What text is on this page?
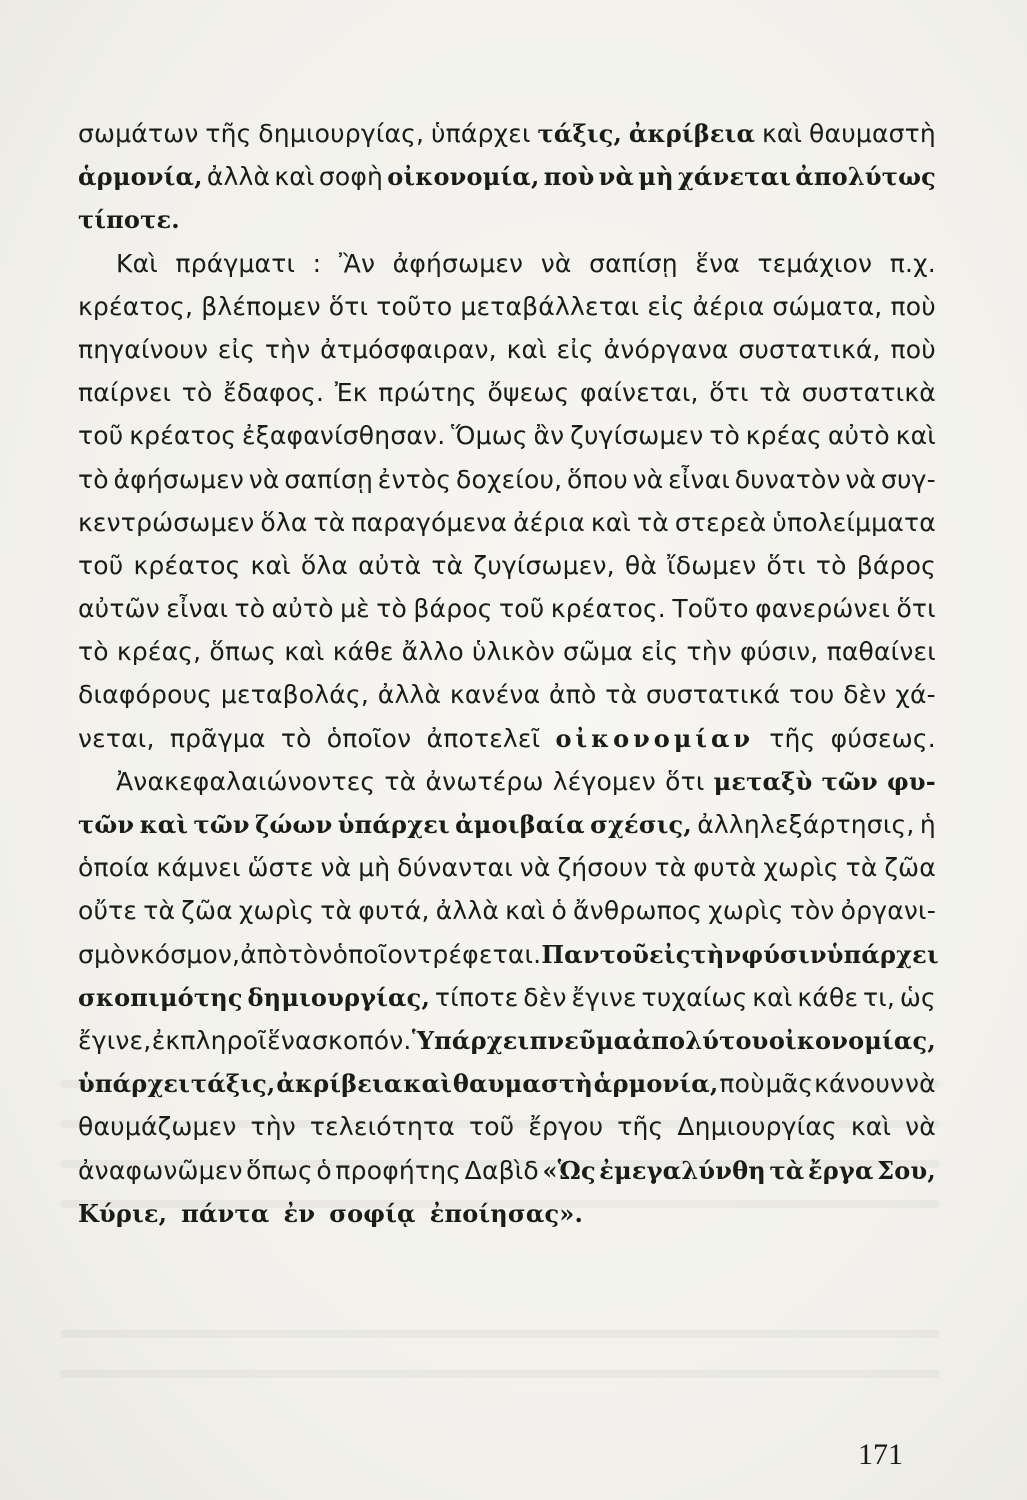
σωμάτων τῆς δημιουργίας, ὑπάρχει τάξις, ἀκρίβεια καὶ θαυμαστὴ
ἁρμονία, ἀλλὰ καὶ σοφὴ οἰκονομία, ποὺ νὰ μὴ χάνεται ἀπολύτως
τίποτε.
Καὶ πράγματι : Ἂν ἀφήσωμεν νὰ σαπίσῃ ἕνα τεμάχιον π.χ.
κρέατος, βλέπομεν ὅτι τοῦτο μεταβάλλεται εἰς ἀέρια σώματα, ποὺ
πηγαίνουν εἰς τὴν ἀτμόσφαιραν, καὶ εἰς ἀνόργανα συστατικά, ποὺ
παίρνει τὸ ἔδαφος. Ἐκ πρώτης ὄψεως φαίνεται, ὅτι τὰ συστατικὰ
τοῦ κρέατος ἐξαφανίσθησαν. Ὅμως ἂν ζυγίσωμεν τὸ κρέας αὐτὸ καὶ
τὸ ἀφήσωμεν νὰ σαπίσῃ ἐντὸς δοχείου, ὅπου νὰ εἶναι δυνατὸν νὰ συγ-
κεντρώσωμεν ὅλα τὰ παραγόμενα ἀέρια καὶ τὰ στερεὰ ὑπολείμματα
τοῦ κρέατος καὶ ὅλα αὐτὰ τὰ ζυγίσωμεν, θὰ ἴδωμεν ὅτι τὸ βάρος
αὐτῶν εἶναι τὸ αὐτὸ μὲ τὸ βάρος τοῦ κρέατος. Τοῦτο φανερώνει ὅτι
τὸ κρέας, ὅπως καὶ κάθε ἄλλο ὑλικὸν σῶμα εἰς τὴν φύσιν, παθαίνει
διαφόρους μεταβολάς, ἀλλὰ κανένα ἀπὸ τὰ συστατικά του δὲν χά-
νεται, πρᾶγμα τὸ ὁποῖον ἀποτελεῖ οἰκονομίαν τῆς φύσεως.
Ἀνακεφαλαιώνοντες τὰ ἀνωτέρω λέγομεν ὅτι μεταξὺ τῶν φυ-
τῶν καὶ τῶν ζώων ὑπάρχει ἀμοιβαία σχέσις, ἀλληλεξάρτησις, ἡ
ὁποία κάμνει ὥστε νὰ μὴ δύνανται νὰ ζήσουν τὰ φυτὰ χωρὶς τὰ ζῶα
οὔτε τὰ ζῶα χωρὶς τὰ φυτά, ἀλλὰ καὶ ὁ ἄνθρωπος χωρὶς τὸν ὀργανι-
σμὸν κόσμον, ἀπὸ τὸν ὁποῖον τρέφεται. Παντοῦ εἰς τὴν φύσιν ὑπάρχει
σκοπιμότης δημιουργίας, τίποτε δὲν ἔγινε τυχαίως καὶ κάθε τι, ὡς
ἔγινε, ἐκπληροῖ ἕνα σκοπόν. Ὑπάρχει πνεῦμα ἀπολύτου οἰκονομίας,
ὑπάρχει τάξις, ἀκρίβεια καὶ θαυμαστὴ ἁρμονία, ποὺ μᾶς κάνουν νὰ
θαυμάζωμεν τὴν τελειότητα τοῦ ἔργου τῆς Δημιουργίας καὶ νὰ
ἀναφωνῶμεν ὅπως ὁ προφήτης Δαβὶδ «Ὡς ἐμεγαλύνθη τὰ ἔργα Σου,
Κύριε, πάντα ἐν σοφίᾳ ἐποίησας».
171
